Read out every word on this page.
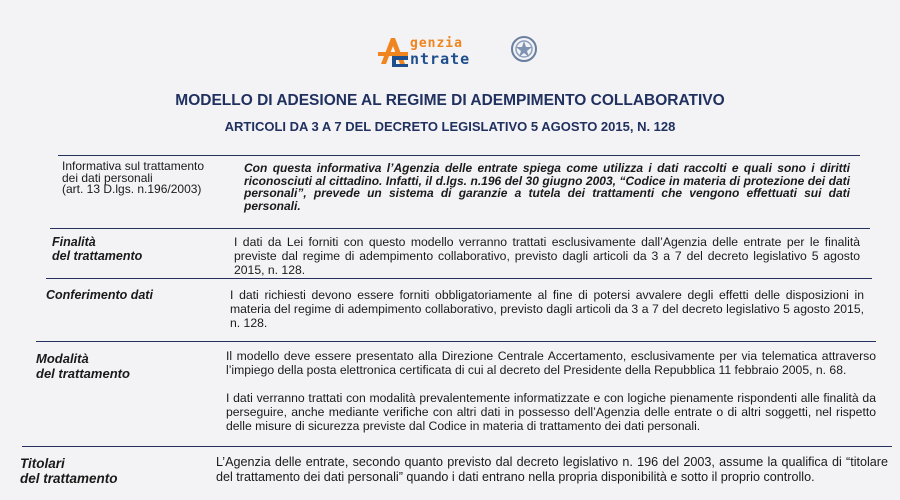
genzia
ntrate
MODELLO DI ADESIONE AL REGIME DI ADEMPIMENTO COLLABORATIVO
ARTICOLI DA 3 A 7 DEL DECRETO LEGISLATIVO 5 AGOSTO 2015, N. 128
Informativa sul trattamento
dei dati personali
(art. 13 D.lgs. n.196/2003)
Con questa informativa l’Agenzia delle entrate spiega come utilizza i dati raccolti e quali sono i diritti riconosciuti al cittadino. Infatti, il d.lgs. n.196 del 30 giugno 2003, “Codice in materia di protezione dei dati personali”, prevede un sistema di garanzie a tutela dei trattamenti che vengono effettuati sui dati personali.
Finalità
del trattamento
I dati da Lei forniti con questo modello verranno trattati esclusivamente dall’Agenzia delle entrate per le finalità previste dal regime di adempimento collaborativo, previsto dagli articoli da 3 a 7 del decreto legislativo 5 agosto 2015, n. 128.
Conferimento dati	I dati richiesti devono essere forniti obbligatoriamente al fine di potersi avvalere degli effetti delle disposizioni in materia del regime di adempimento collaborativo, previsto dagli articoli da 3 a 7 del decreto legislativo 5 agosto 2015, n. 128.
Modalità
del trattamento
Il modello deve essere presentato alla Direzione Centrale Accertamento, esclusivamente per via telematica attraverso l’impiego della posta elettronica certificata di cui al decreto del Presidente della Repubblica 11 febbraio 2005, n. 68.
I dati verranno trattati con modalità prevalentemente informatizzate e con logiche pienamente rispondenti alle finalità da perseguire, anche mediante verifiche con altri dati in possesso dell’Agenzia delle entrate o di altri soggetti, nel rispetto delle misure di sicurezza previste dal Codice in materia di trattamento dei dati personali.
Titolari
del trattamento
L’Agenzia delle entrate, secondo quanto previsto dal decreto legislativo n. 196 del 2003, assume la qualifica di “titolare del trattamento dei dati personali” quando i dati entrano nella propria disponibilità e sotto il proprio controllo.
